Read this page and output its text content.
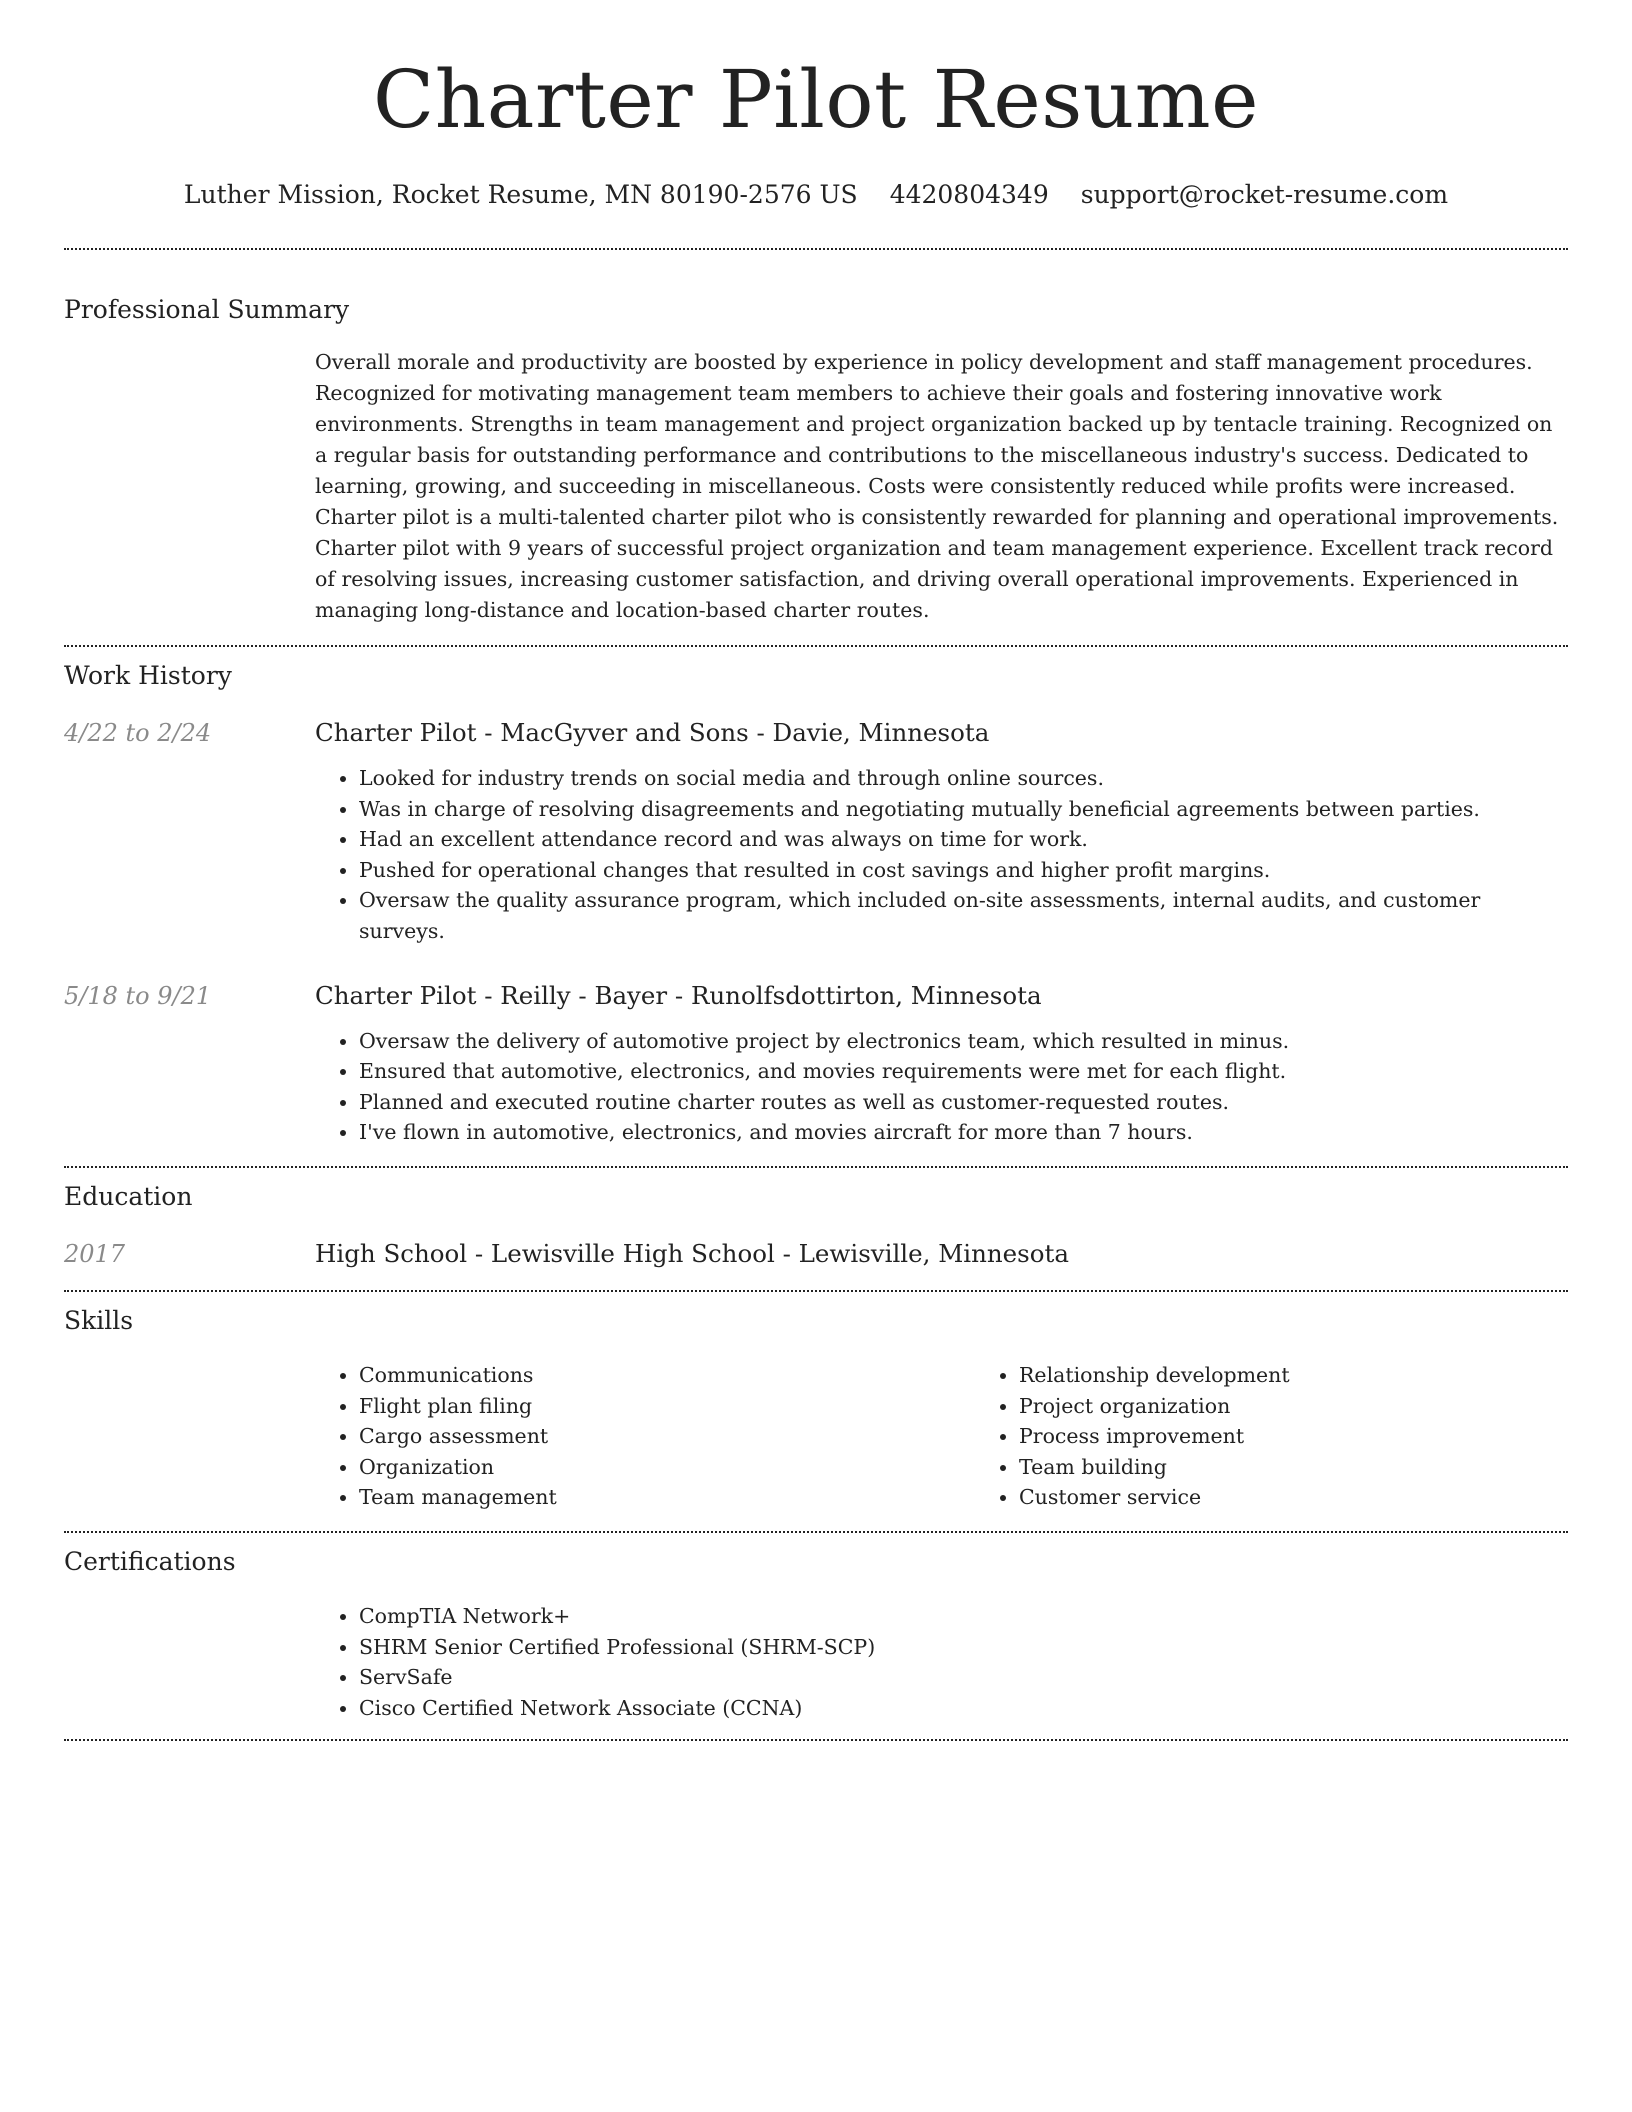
Charter Pilot Resume
Luther Mission, Rocket Resume, MN 80190-2576 US 4420804349 support@rocket-resume.com
Professional Summary

Overall morale and productivity are boosted by experience in policy development and staff management procedures. Recognized for motivating management team members to achieve their goals and fostering innovative work environments. Strengths in team management and project organization backed up by tentacle training. Recognized on a regular basis for outstanding performance and contributions to the miscellaneous industry's success. Dedicated to learning, growing, and succeeding in miscellaneous. Costs were consistently reduced while profits were increased. Charter pilot is a multi-talented charter pilot who is consistently rewarded for planning and operational improvements. Charter pilot with 9 years of successful project organization and team management experience. Excellent track record of resolving issues, increasing customer satisfaction, and driving overall operational improvements. Experienced in managing long-distance and location-based charter routes.

Work History
4/22 to 2/24	Charter Pilot - MacGyver and Sons - Davie, Minnesota
• Looked for industry trends on social media and through online sources.
• Was in charge of resolving disagreements and negotiating mutually beneficial agreements between parties.
• Had an excellent attendance record and was always on time for work.
• Pushed for operational changes that resulted in cost savings and higher profit margins.
• Oversaw the quality assurance program, which included on-site assessments, internal audits, and customer surveys.
5/18 to 9/21	Charter Pilot - Reilly - Bayer - Runolfsdottirton, Minnesota
• Oversaw the delivery of automotive project by electronics team, which resulted in minus.
• Ensured that automotive, electronics, and movies requirements were met for each flight.
• Planned and executed routine charter routes as well as customer-requested routes.
• I've flown in automotive, electronics, and movies aircraft for more than 7 hours.
Education
2017	High School - Lewisville High School - Lewisville, Minnesota
Skills
• Communications
• Flight plan filing
• Cargo assessment
• Organization
• Team management
• Relationship development
• Project organization
• Process improvement
• Team building
• Customer service
Certifications
• CompTIA Network+
• SHRM Senior Certified Professional (SHRM-SCP)
• ServSafe
• Cisco Certified Network Associate (CCNA)
